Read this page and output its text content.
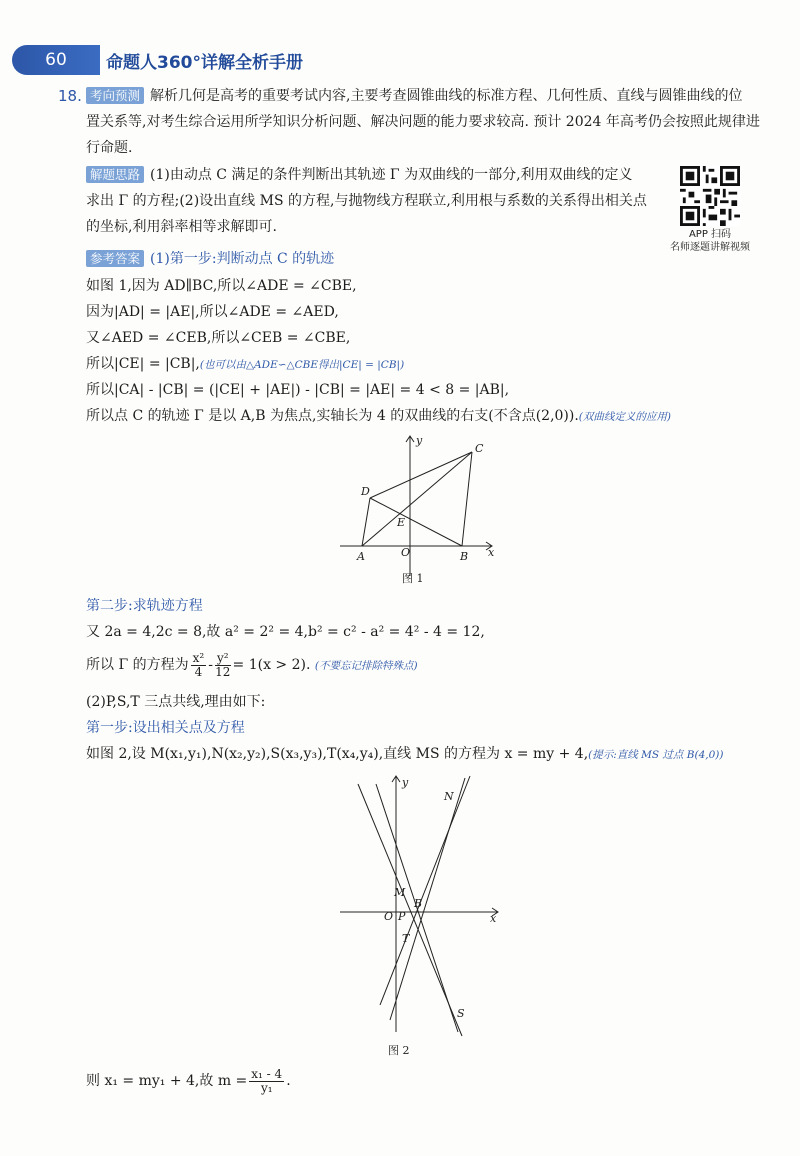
60	命题人360°详解全析手册
18. 考向预测 解析几何是高考的重要考试内容,主要考查圆锥曲线的标准方程、几何性质、直线与圆锥曲线的位
置关系等,对考生综合运用所学知识分析问题、解决问题的能力要求较高. 预计 2024 年高考仍会按照此规律进
行命题.
解题思路 (1)由动点 C 满足的条件判断出其轨迹 Γ 为双曲线的一部分,利用双曲线的定义
求出 Γ 的方程;(2)设出直线 MS 的方程,与抛物线方程联立,利用根与系数的关系得出相关点
的坐标,利用斜率相等求解即可.
参考答案 (1)第一步:判断动点 C 的轨迹
如图 1,因为 AD∥BC,所以∠ADE = ∠CBE,
因为|AD| = |AE|,所以∠ADE = ∠AED,
又∠AED = ∠CEB,所以∠CEB = ∠CBE,
所以|CE| = |CB|,(也可以由△ADE∽△CBE得出|CE| = |CB|)
所以|CA| - |CB| = (|CE| + |AE|) - |CB| = |AE| = 4 < 8 = |AB|,
所以点 C 的轨迹 Γ 是以 A,B 为焦点,实轴长为 4 的双曲线的右支(不含点(2,0)).(双曲线定义的应用)
第二步:求轨迹方程
又 2a = 4,2c = 8,故 a² = 2² = 4,b² = c² - a² = 4² - 4 = 12,
所以 Γ 的方程为 $\frac{\text{x²}}{4} - \frac{\text{y²}}{12} = 1(x > 2)$. (不要忘记排除特殊点)
(2)P,S,T 三点共线,理由如下:
第一步:设出相关点及方程
如图 2,设 M(x₁,y₁),N(x₂,y₂),S(x₃,y₃),T(x₄,y₄),直线 MS 的方程为 x = my + 4,(提示:直线 MS 过点 B(4,0))
则 x₁ = my₁ + 4,故 $m = \frac{\text{x₁ - 4}}{\text{y₁}}$ .
APP 扫码
名师逐题讲解视频
y
x
C
D
E
A	O	B
图 1
y
x
N
M
O P
B
T
S
图 2
